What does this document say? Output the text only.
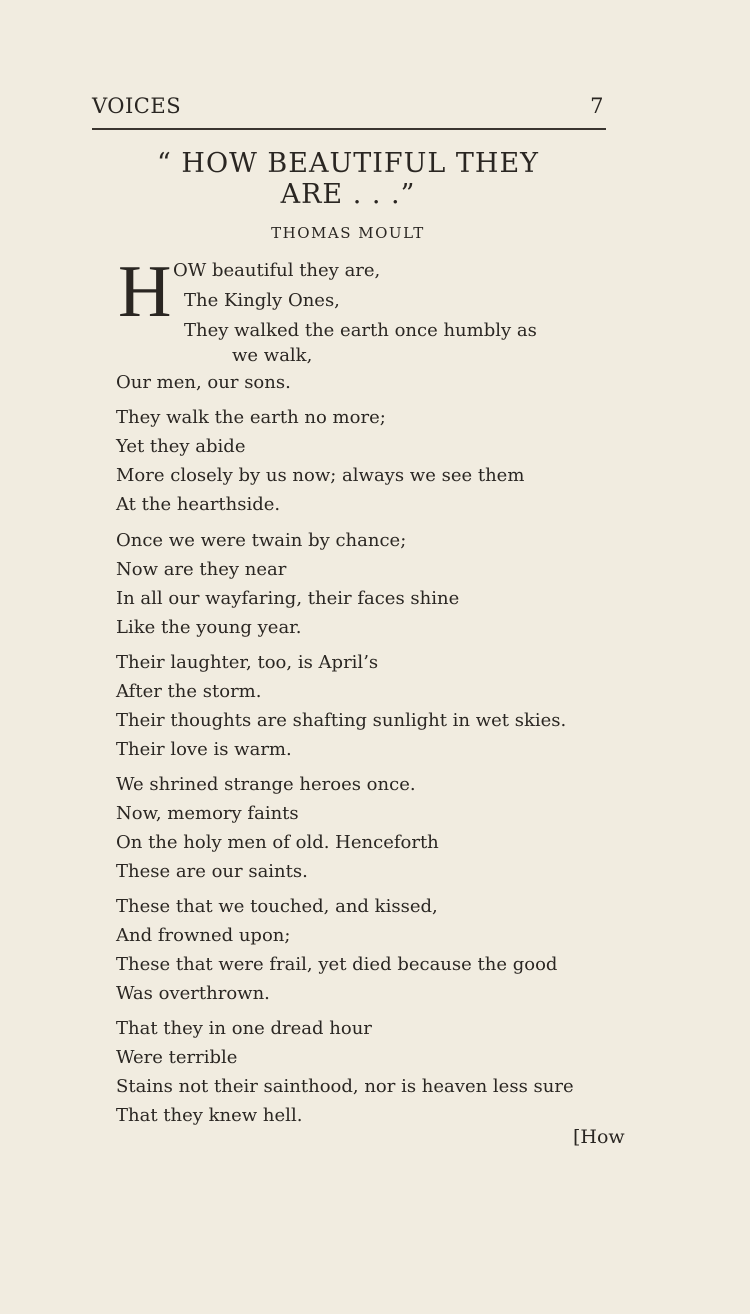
VOICES	7
“ HOW BEAUTIFUL THEY
ARE . . .”
THOMAS MOULT
H OW beautiful they are,
The Kingly Ones,
They walked the earth once humbly as
we walk,
Our men, our sons.
They walk the earth no more;
Yet they abide
More closely by us now; always we see them
At the hearthside.
Once we were twain by chance;
Now are they near
In all our wayfaring, their faces shine
Like the young year.
Their laughter, too, is April’s
After the storm.
Their thoughts are shafting sunlight in wet skies.
Their love is warm.
We shrined strange heroes once.
Now, memory faints
On the holy men of old. Henceforth
These are our saints.
These that we touched, and kissed,
And frowned upon;
These that were frail, yet died because the good
Was overthrown.
That they in one dread hour
Were terrible
Stains not their sainthood, nor is heaven less sure
That they knew hell.
[How
